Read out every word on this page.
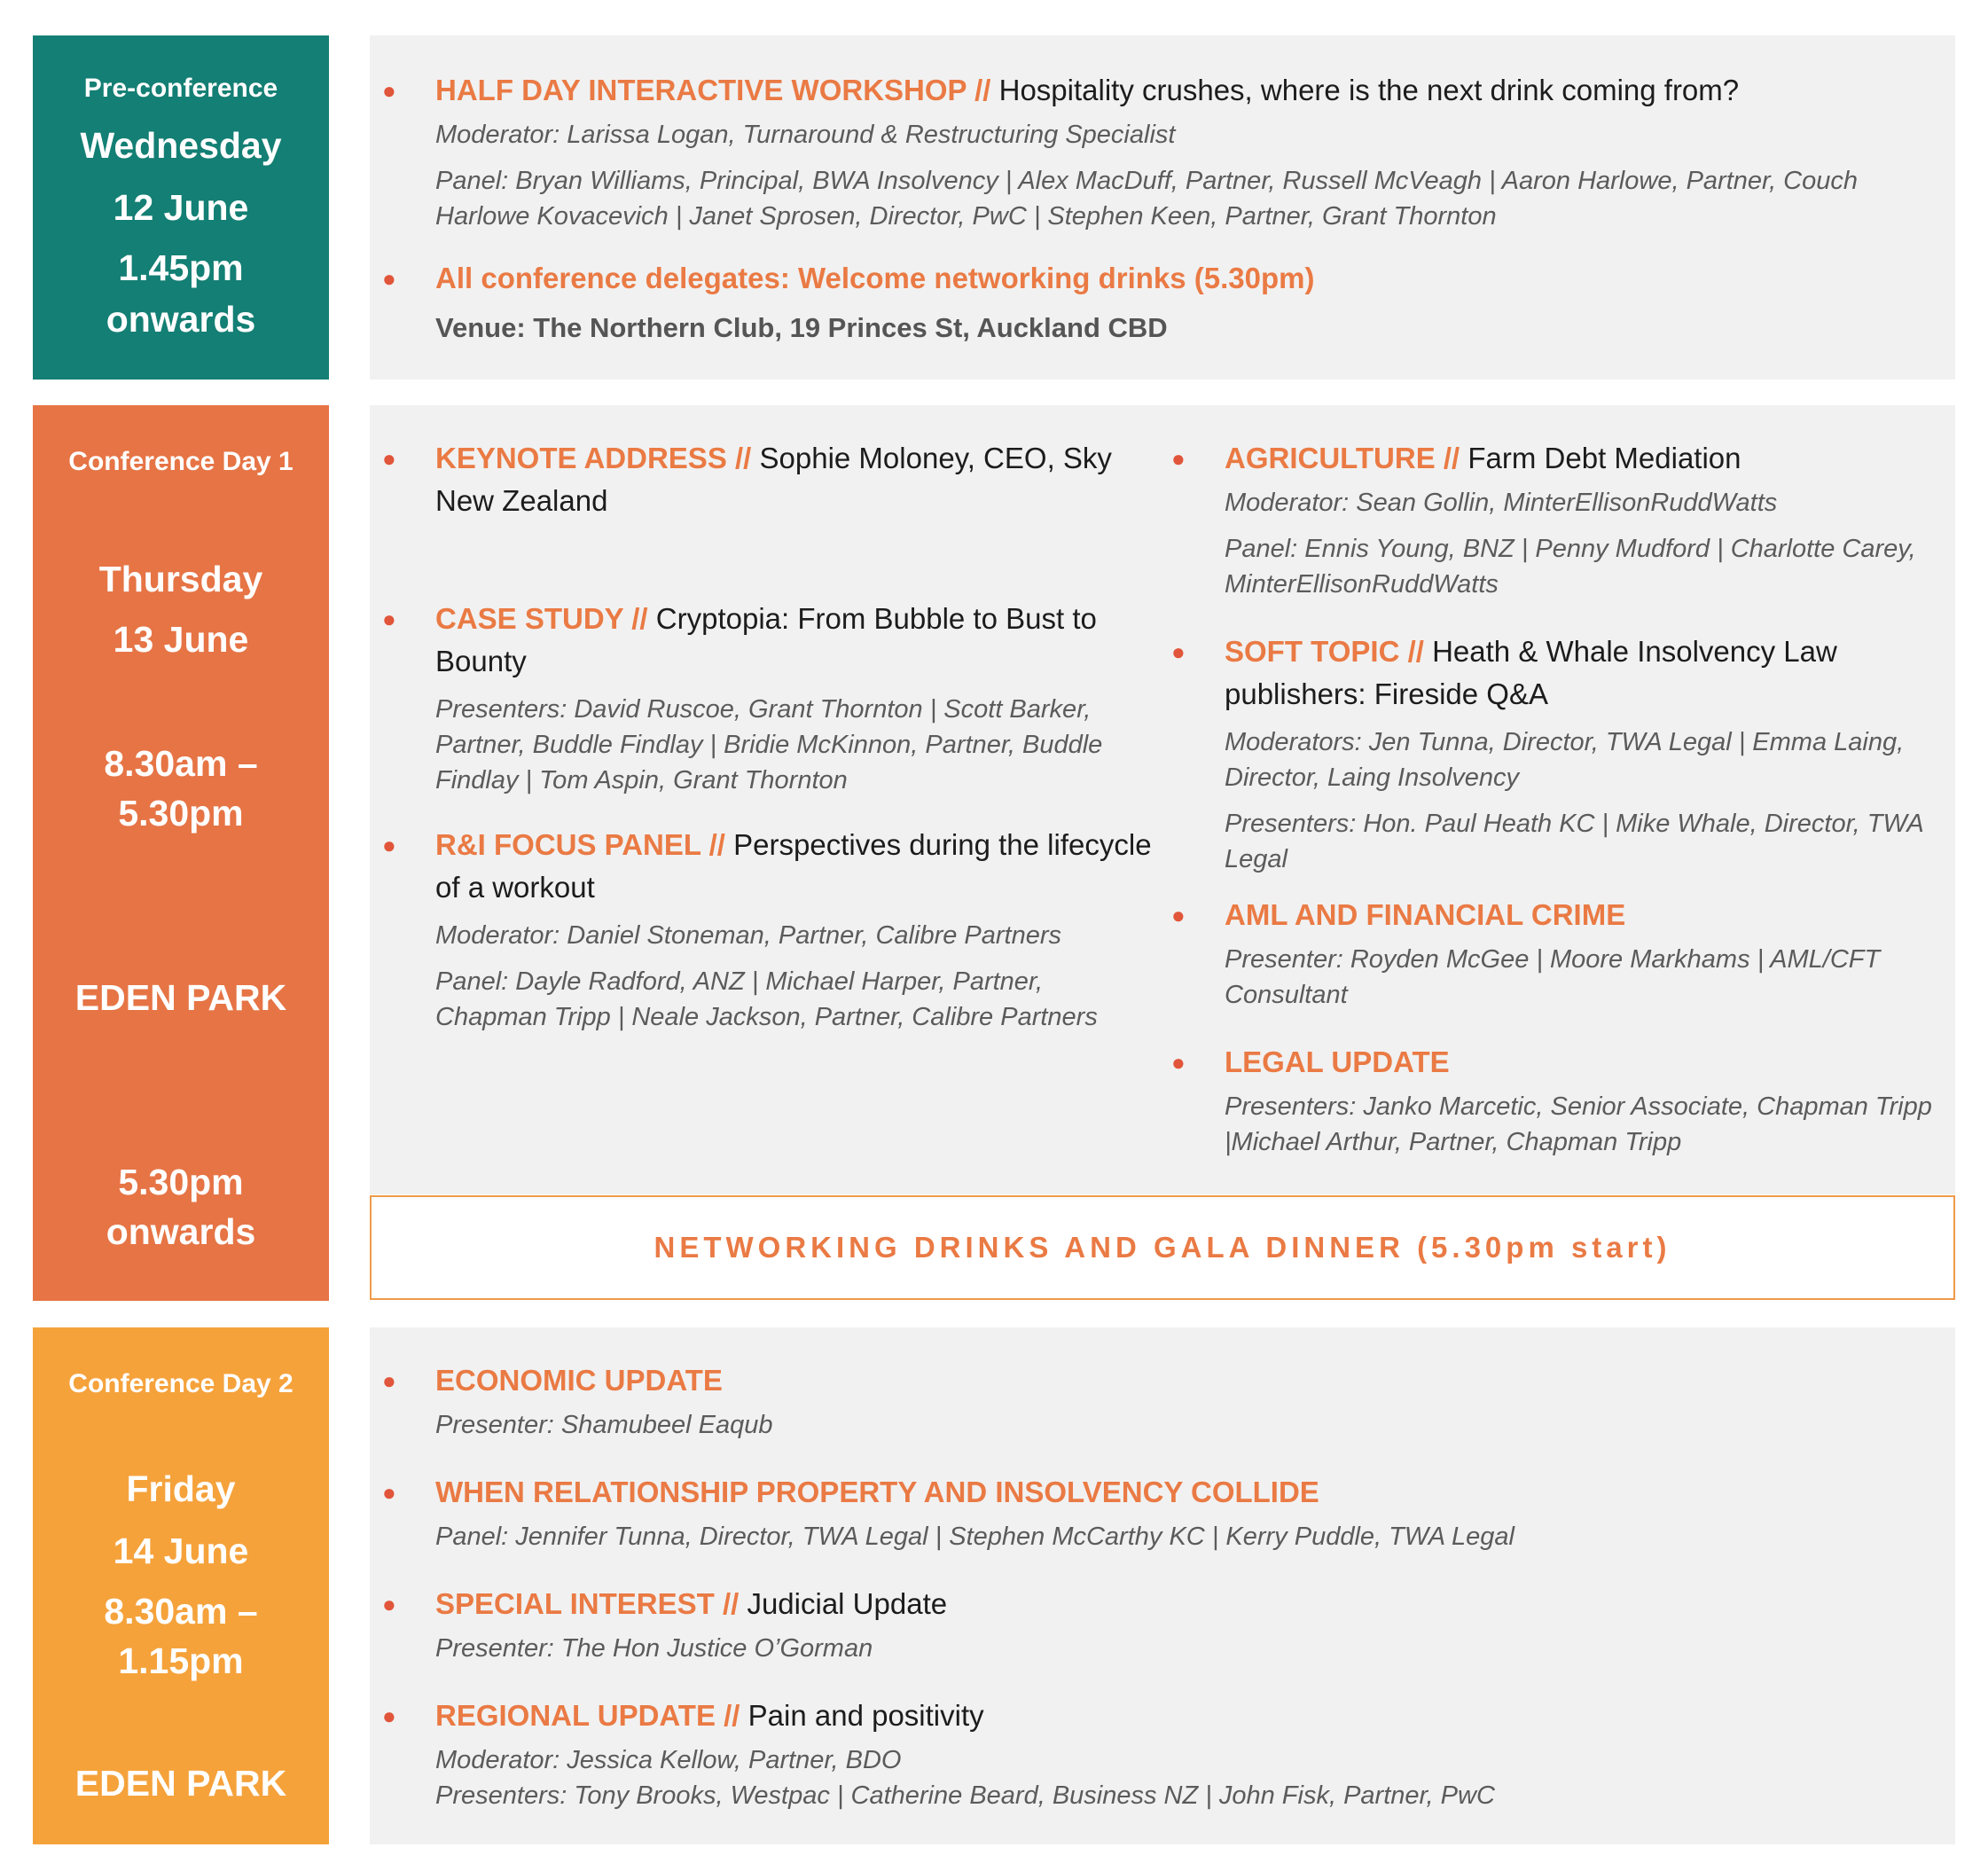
Pre-conference
Wednesday
12 June
1.45pm
onwards
● HALF DAY INTERACTIVE WORKSHOP // Hospitality crushes, where is the next drink coming from?
Moderator: Larissa Logan, Turnaround & Restructuring Specialist
Panel: Bryan Williams, Principal, BWA Insolvency | Alex MacDuff, Partner, Russell McVeagh | Aaron Harlowe, Partner, Couch Harlowe Kovacevich | Janet Sprosen, Director, PwC | Stephen Keen, Partner, Grant Thornton
● All conference delegates: Welcome networking drinks (5.30pm)
Venue: The Northern Club, 19 Princes St, Auckland CBD
Conference Day 1
Thursday
13 June
8.30am –
5.30pm
EDEN PARK
5.30pm
onwards
● KEYNOTE ADDRESS // Sophie Moloney, CEO, Sky New Zealand
● CASE STUDY // Cryptopia: From Bubble to Bust to Bounty
Presenters: David Ruscoe, Grant Thornton | Scott Barker, Partner, Buddle Findlay | Bridie McKinnon, Partner, Buddle Findlay | Tom Aspin, Grant Thornton
● R&I FOCUS PANEL // Perspectives during the lifecycle of a workout
Moderator: Daniel Stoneman, Partner, Calibre Partners
Panel: Dayle Radford, ANZ | Michael Harper, Partner, Chapman Tripp | Neale Jackson, Partner, Calibre Partners
● AGRICULTURE // Farm Debt Mediation
Moderator: Sean Gollin, MinterEllisonRuddWatts
Panel: Ennis Young, BNZ | Penny Mudford | Charlotte Carey, MinterEllisonRuddWatts
● SOFT TOPIC // Heath & Whale Insolvency Law publishers: Fireside Q&A
Moderators: Jen Tunna, Director, TWA Legal | Emma Laing, Director, Laing Insolvency
Presenters: Hon. Paul Heath KC | Mike Whale, Director, TWA Legal
● AML AND FINANCIAL CRIME
Presenter: Royden McGee | Moore Markhams | AML/CFT Consultant
● LEGAL UPDATE
Presenters: Janko Marcetic, Senior Associate, Chapman Tripp |Michael Arthur, Partner, Chapman Tripp
NETWORKING DRINKS AND GALA DINNER (5.30pm start)
Conference Day 2
Friday
14 June
8.30am –
1.15pm
EDEN PARK
● ECONOMIC UPDATE
Presenter: Shamubeel Eaqub
● WHEN RELATIONSHIP PROPERTY AND INSOLVENCY COLLIDE
Panel: Jennifer Tunna, Director, TWA Legal | Stephen McCarthy KC | Kerry Puddle, TWA Legal
● SPECIAL INTEREST // Judicial Update
Presenter: The Hon Justice O’Gorman
● REGIONAL UPDATE // Pain and positivity
Moderator: Jessica Kellow, Partner, BDO
Presenters: Tony Brooks, Westpac | Catherine Beard, Business NZ | John Fisk, Partner, PwC
